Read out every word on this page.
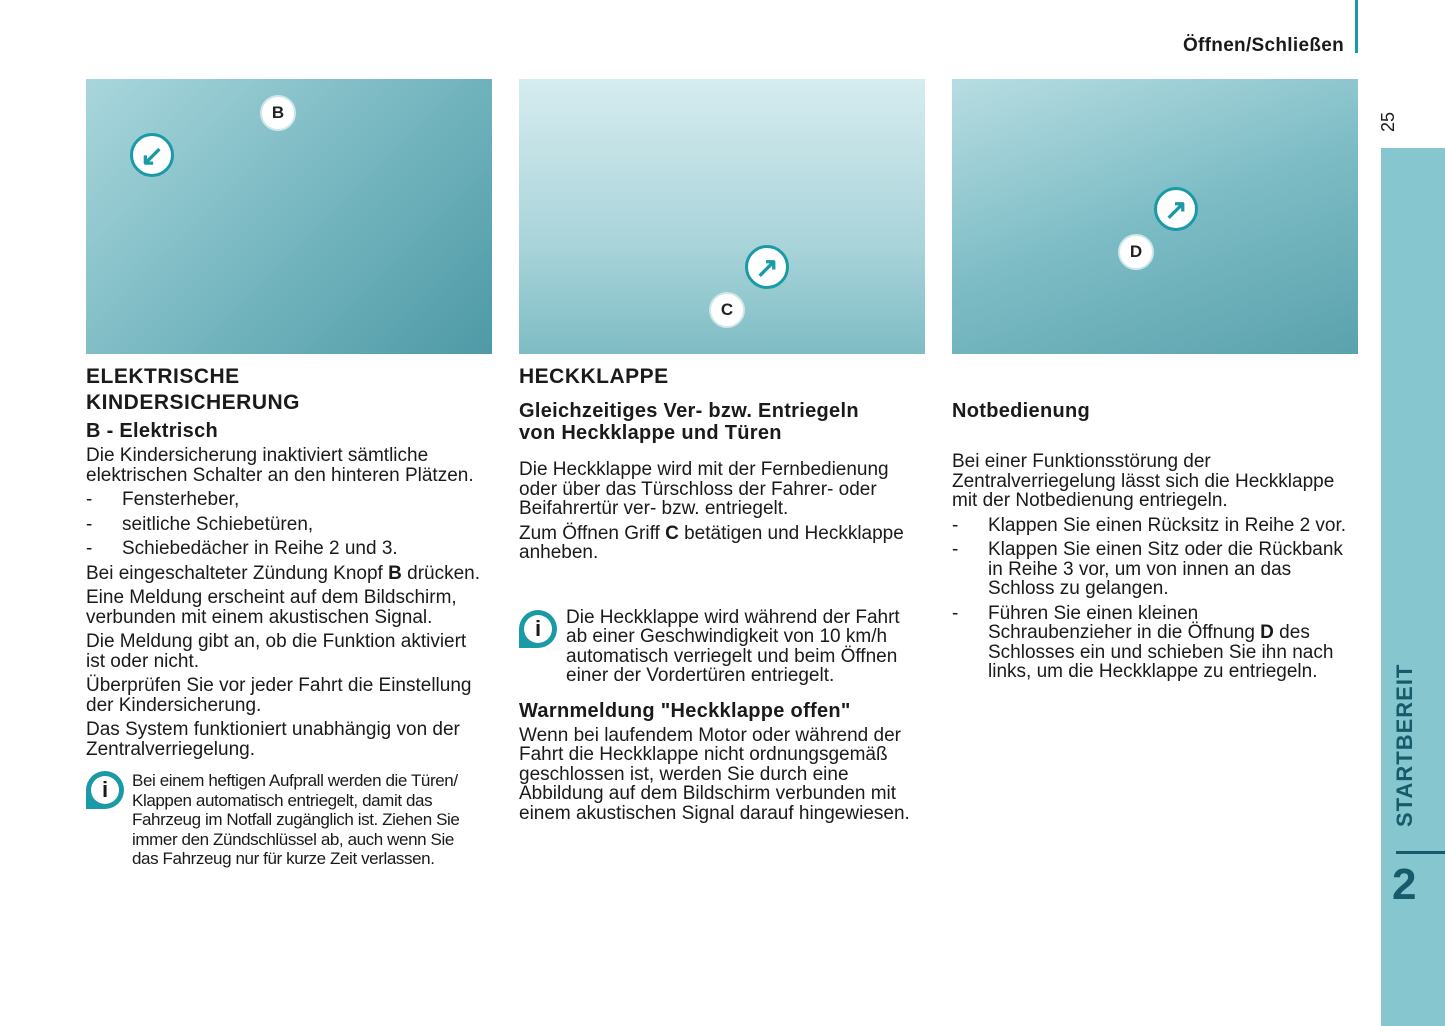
Öffnen/Schließen
25
STARTBEREIT
2
B
↙
C
↗	D
↗
ELEKTRISCHE KINDERSICHERUNG
B - Elektrisch

Die Kindersicherung inaktiviert sämtliche elektrischen Schalter an den hinteren Plätzen.

-	Fensterheber,
-	seitliche Schiebetüren,
-	Schiebedächer in Reihe 2 und 3.

Bei eingeschalteter Zündung Knopf B drücken.

Eine Meldung erscheint auf dem Bildschirm, verbunden mit einem akustischen Signal.

Die Meldung gibt an, ob die Funktion aktiviert ist oder nicht.

Überprüfen Sie vor jeder Fahrt die Einstellung der Kindersicherung.

Das System funktioniert unabhängig von der Zentralverriegelung.

i	Bei einem heftigen Aufprall werden die Türen/ Klappen automatisch entriegelt, damit das Fahrzeug im Notfall zugänglich ist. Ziehen Sie immer den Zündschlüssel ab, auch wenn Sie das Fahrzeug nur für kurze Zeit verlassen.
HECKKLAPPE
Gleichzeitiges Ver- bzw. Entriegeln von Heckklappe und Türen

Die Heckklappe wird mit der Fernbedienung oder über das Türschloss der Fahrer- oder Beifahrertür ver- bzw. entriegelt.

Zum Öffnen Griff C betätigen und Heckklappe anheben.

i	Die Heckklappe wird während der Fahrt ab einer Geschwindigkeit von 10 km/h automatisch verriegelt und beim Öffnen einer der Vordertüren entriegelt.

Warnmeldung "Heckklappe offen"

Wenn bei laufendem Motor oder während der Fahrt die Heckklappe nicht ordnungsgemäß geschlossen ist, werden Sie durch eine Abbildung auf dem Bildschirm verbunden mit einem akustischen Signal darauf hingewiesen.

Notbedienung

Bei einer Funktionsstörung der Zentralverriegelung lässt sich die Heckklappe mit der Notbedienung entriegeln.

-	Klappen Sie einen Rücksitz in Reihe 2 vor.
-	Klappen Sie einen Sitz oder die Rückbank in Reihe 3 vor, um von innen an das Schloss zu gelangen.
-	Führen Sie einen kleinen Schraubenzieher in die Öffnung D des Schlosses ein und schieben Sie ihn nach links, um die Heckklappe zu entriegeln.
